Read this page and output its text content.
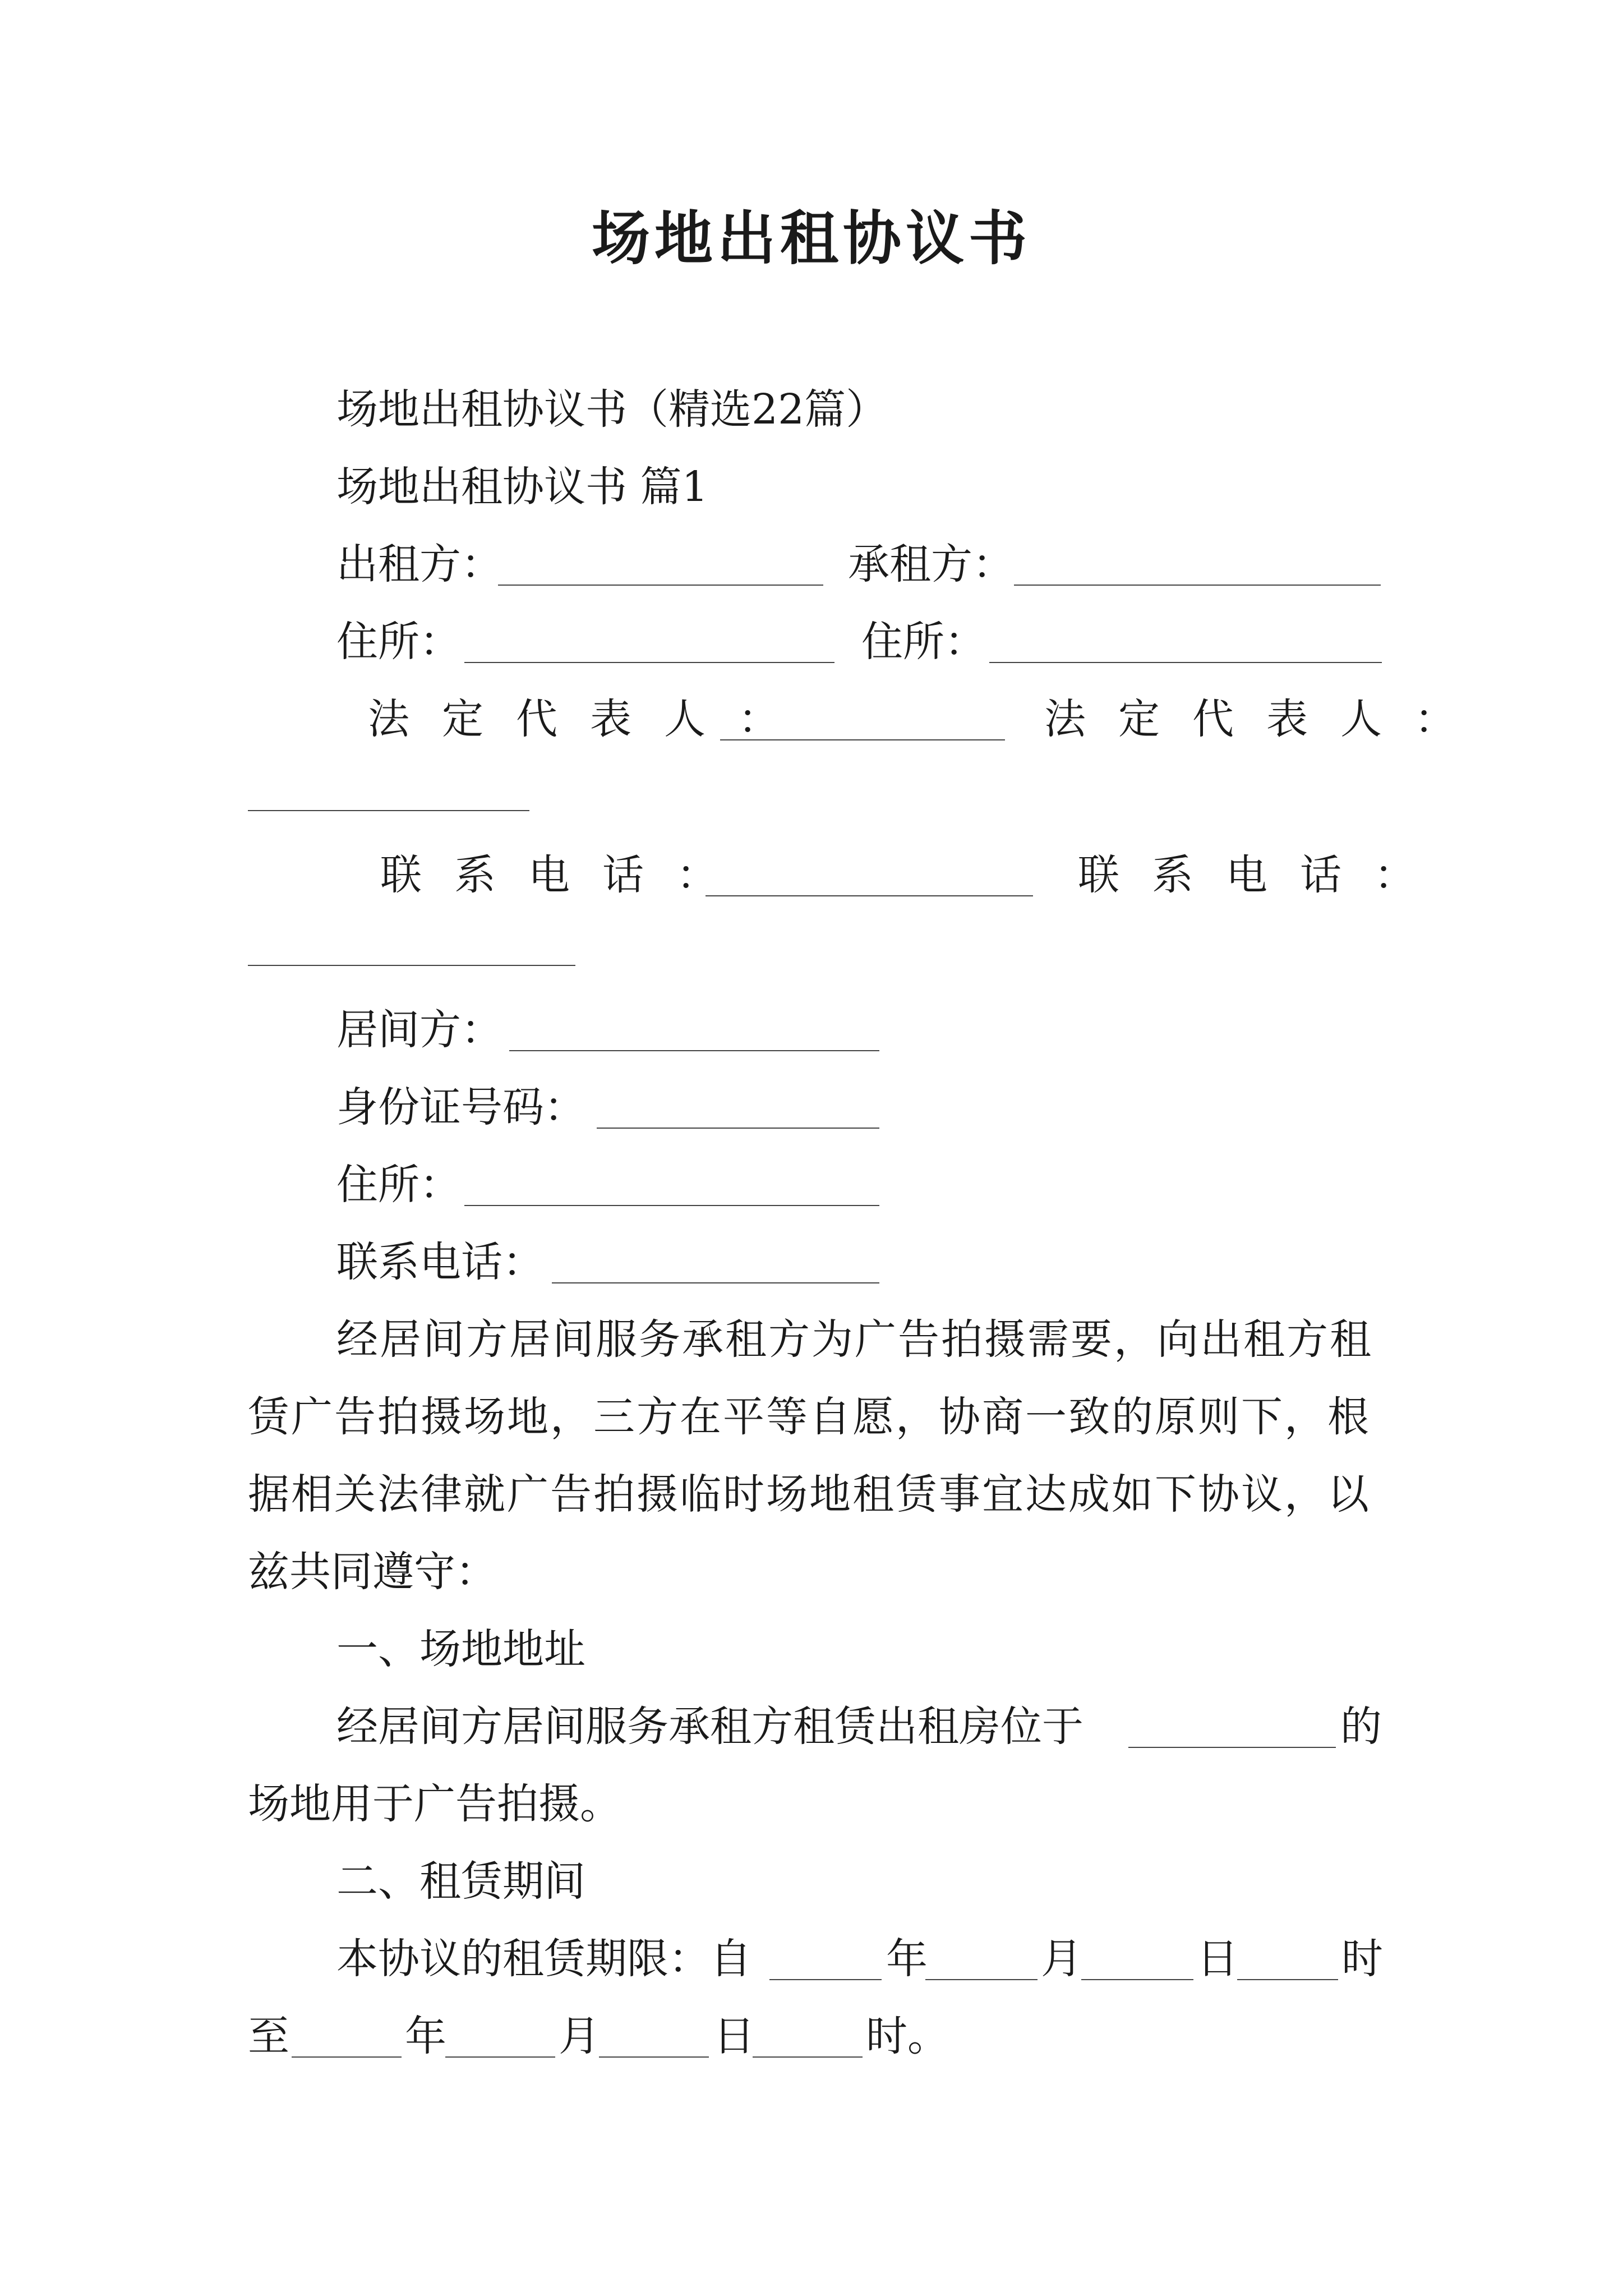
场地出租协议书
场地出租协议书（精选22篇）
场地出租协议书 篇1
出租方：	承租方：
住所：	住所：
法定代表人：	法定代表人：
联系电话：	联系电话：
居间方：
身份证号码：
住所：
联系电话：
经居间方居间服务承租方为广告拍摄需要，向出租方租
赁广告拍摄场地，三方在平等自愿，协商一致的原则下，根
据相关法律就广告拍摄临时场地租赁事宜达成如下协议，以
兹共同遵守：
一、场地地址
经居间方居间服务承租方租赁出租房位于	的
场地用于广告拍摄。
二、租赁期间
本协议的租赁期限：自	年	月	日 时
至	年	月	日	时。
